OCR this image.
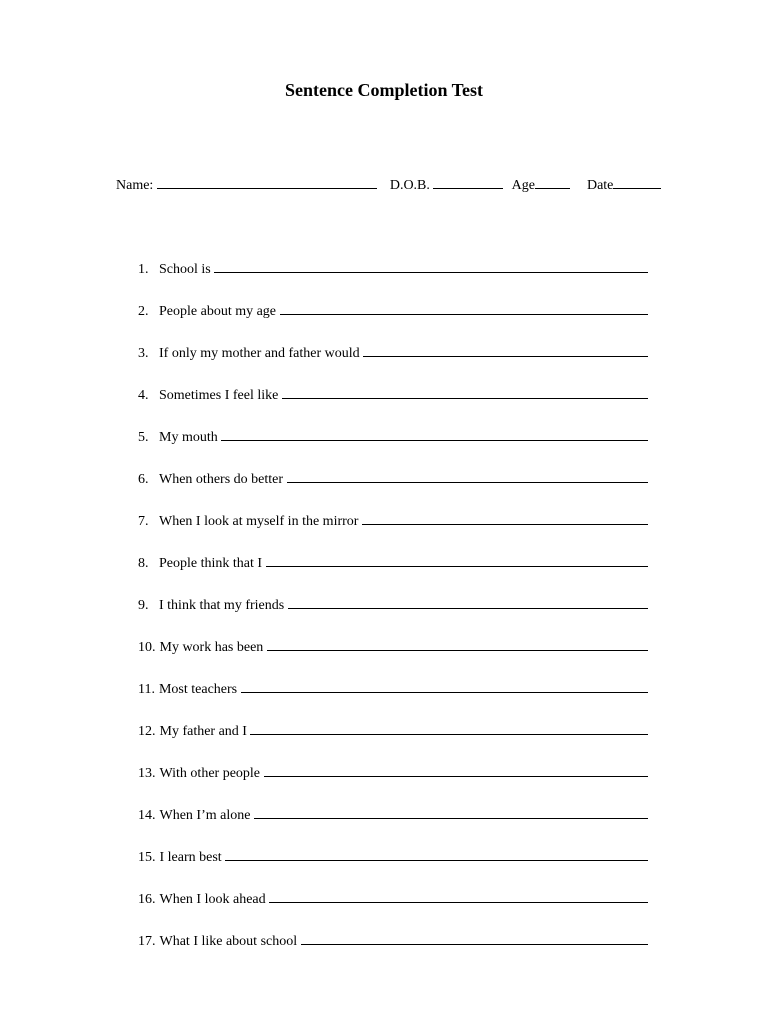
Sentence Completion Test
Name:	D.O.B.	Age	Date
1. School is
2. People about my age
3. If only my mother and father would
4. Sometimes I feel like
5. My mouth
6. When others do better
7. When I look at myself in the mirror
8. People think that I
9. I think that my friends
10. My work has been
11. Most teachers
12. My father and I
13. With other people
14. When I’m alone
15. I learn best
16. When I look ahead
17. What I like about school
